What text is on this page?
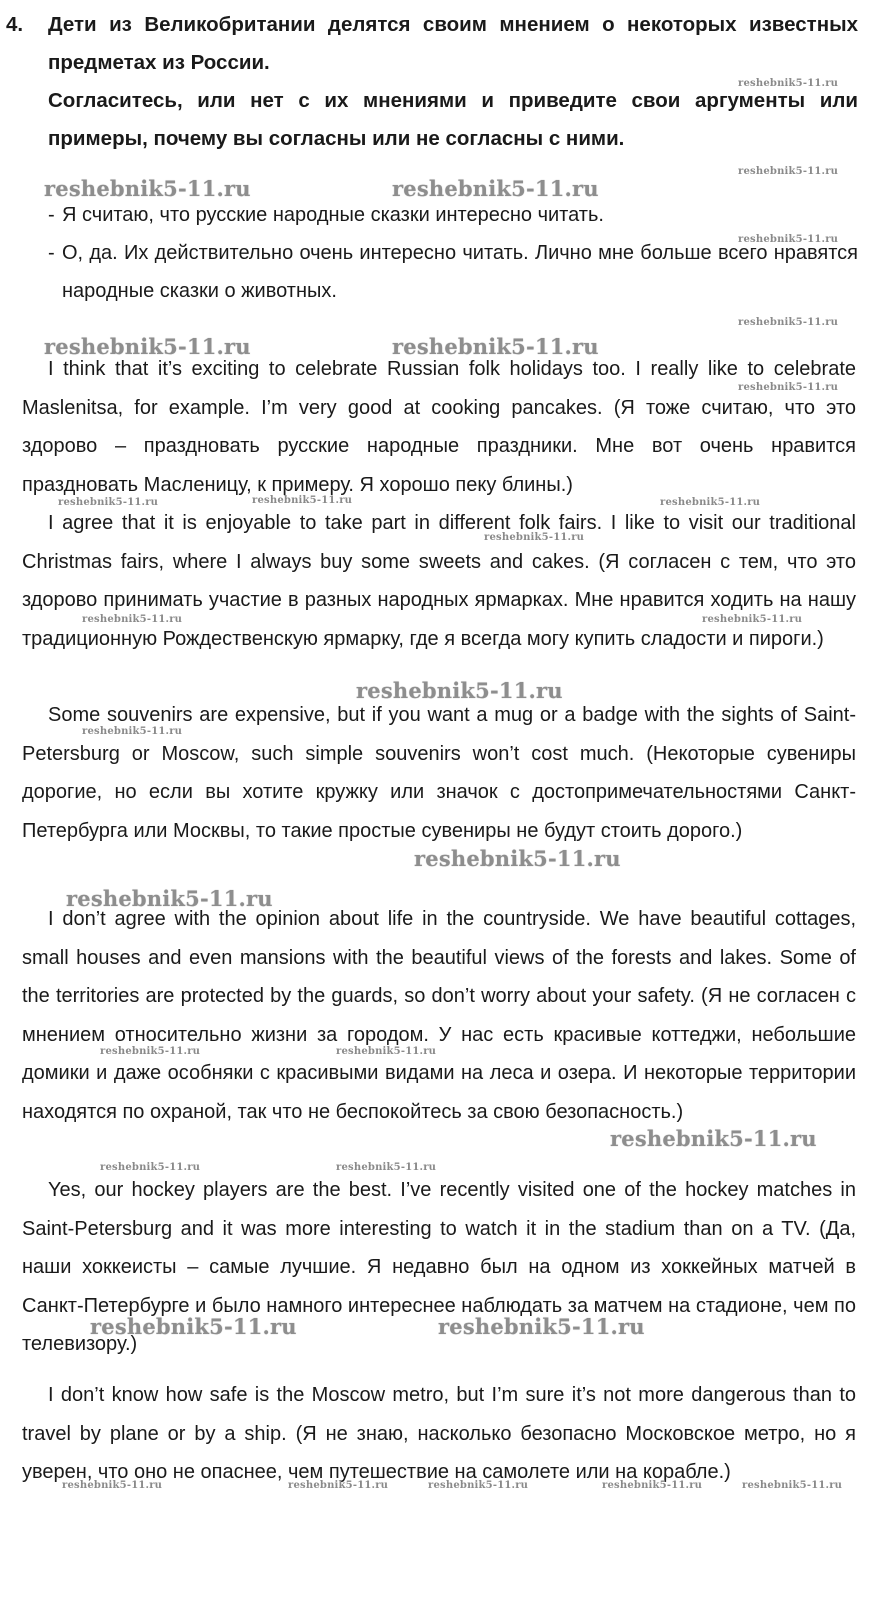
4. Дети из Великобритании делятся своим мнением о некоторых известных предметах из России.
Согласитесь, или нет с их мнениями и приведите свои аргументы или примеры, почему вы согласны или не согласны с ними.
- Я считаю, что русские народные сказки интересно читать.
- О, да. Их действительно очень интересно читать. Лично мне больше всего нравятся народные сказки о животных.
I think that it’s exciting to celebrate Russian folk holidays too. I really like to celebrate Maslenitsa, for example. I’m very good at cooking pancakes. (Я тоже считаю, что это здорово – праздновать русские народные праздники. Мне вот очень нравится праздновать Масленицу, к примеру. Я хорошо пеку блины.)
I agree that it is enjoyable to take part in different folk fairs. I like to visit our traditional Christmas fairs, where I always buy some sweets and cakes. (Я согласен с тем, что это здорово принимать участие в разных народных ярмарках. Мне нравится ходить на нашу традиционную Рождественскую ярмарку, где я всегда могу купить сладости и пироги.)
Some souvenirs are expensive, but if you want a mug or a badge with the sights of Saint-Petersburg or Moscow, such simple souvenirs won’t cost much. (Некоторые сувениры дорогие, но если вы хотите кружку или значок с достопримечательностями Санкт-Петербурга или Москвы, то такие простые сувениры не будут стоить дорого.)
I don’t agree with the opinion about life in the countryside. We have beautiful cottages, small houses and even mansions with the beautiful views of the forests and lakes. Some of the territories are protected by the guards, so don’t worry about your safety. (Я не согласен с мнением относительно жизни за городом. У нас есть красивые коттеджи, небольшие домики и даже особняки с красивыми видами на леса и озера. И некоторые территории находятся по охраной, так что не беспокойтесь за свою безопасность.)
Yes, our hockey players are the best. I’ve recently visited one of the hockey matches in Saint-Petersburg and it was more interesting to watch it in the stadium than on a TV. (Да, наши хоккеисты – самые лучшие. Я недавно был на одном из хоккейных матчей в Санкт-Петербурге и было намного интереснее наблюдать за матчем на стадионе, чем по телевизору.)
I don’t know how safe is the Moscow metro, but I’m sure it’s not more dangerous than to travel by plane or by a ship. (Я не знаю, насколько безопасно Московское метро, но я уверен, что оно не опаснее, чем путешествие на самолете или на корабле.)
reshebnik5-11.ru
reshebnik5-11.ru
reshebnik5-11.ru	reshebnik5-11.ru
reshebnik5-11.ru
reshebnik5-11.ru
reshebnik5-11.ru	reshebnik5-11.ru
reshebnik5-11.ru
reshebnik5-11.ru	reshebnik5-11.ru	reshebnik5-11.ru
reshebnik5-11.ru
reshebnik5-11.ru	reshebnik5-11.ru
reshebnik5-11.ru
reshebnik5-11.ru
reshebnik5-11.ru
reshebnik5-11.ru
reshebnik5-11.ru	reshebnik5-11.ru
reshebnik5-11.ru
reshebnik5-11.ru	reshebnik5-11.ru
reshebnik5-11.ru	reshebnik5-11.ru
reshebnik5-11.ru	reshebnik5-11.ru	reshebnik5-11.ru	reshebnik5-11.ru	reshebnik5-11.ru
